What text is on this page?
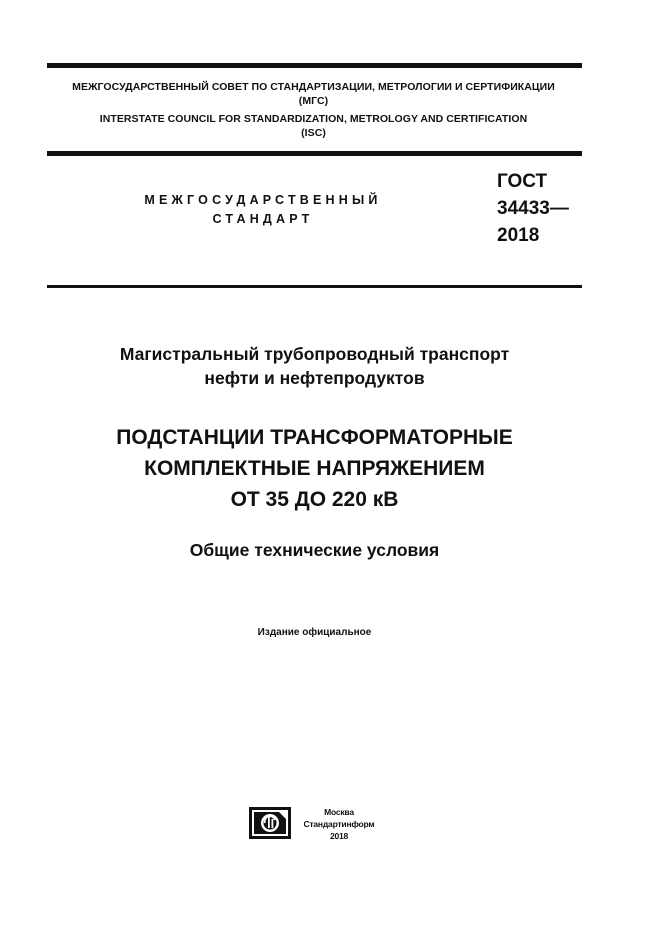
МЕЖГОСУДАРСТВЕННЫЙ СОВЕТ ПО СТАНДАРТИЗАЦИИ, МЕТРОЛОГИИ И СЕРТИФИКАЦИИ
(МГС)
INTERSTATE COUNCIL FOR STANDARDIZATION, METROLOGY AND CERTIFICATION
(ISC)
МЕЖГОСУДАРСТВЕННЫЙ
СТАНДАРТ
ГОСТ
34433—
2018
Магистральный трубопроводный транспорт
нефти и нефтепродуктов
ПОДСТАНЦИИ ТРАНСФОРМАТОРНЫЕ
КОМПЛЕКТНЫЕ НАПРЯЖЕНИЕМ
ОТ 35 ДО 220 кВ
Общие технические условия
Издание официальное
Москва
Стандартинформ
2018
